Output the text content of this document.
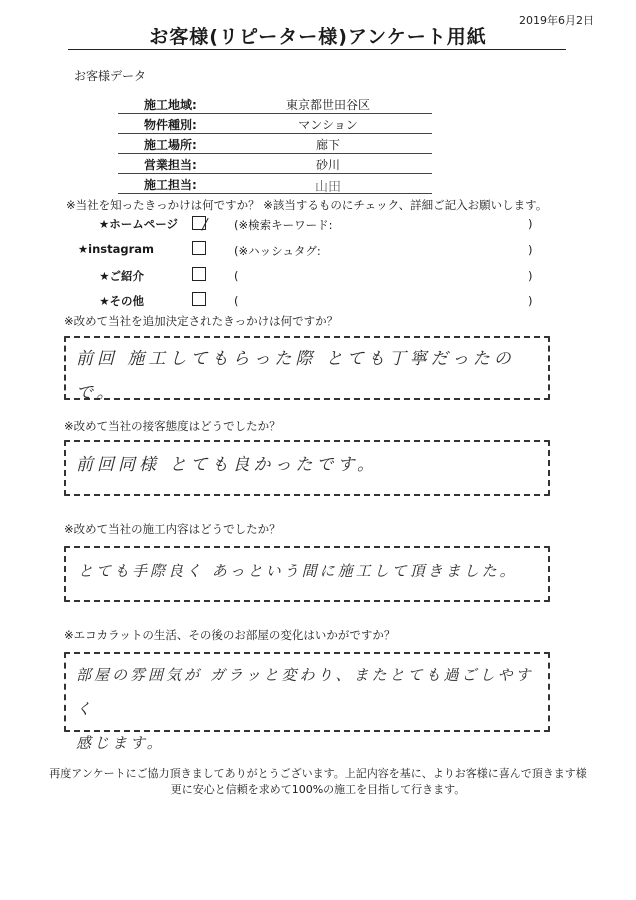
2019年6月2日
お客様(リピーター様)アンケート用紙
お客様データ
施工地域:	東京都世田谷区
物件種別:	マンション
施工場所:	廊下
営業担当:	砂川
施工担当:	山田
※当社を知ったきっかけは何ですか？ ※該当するものにチェック、詳細ご記入お願いします。
★ホームページ	(※検索キーワード:	)
★instagram	(※ハッシュタグ:	)
★ご紹介	(	)
★その他	(	)
※改めて当社を追加決定されたきっかけは何ですか？
前回 施工してもらった際 とても丁寧だったので。
※改めて当社の接客態度はどうでしたか？
前回同様 とても良かったです。
※改めて当社の施工内容はどうでしたか？
とても手際良く あっという間に施工して頂きました。
※エコカラットの生活、その後のお部屋の変化はいかがですか？
部屋の雰囲気が ガラッと変わり、またとても過ごしやすく
感じます。
再度アンケートにご協力頂きましてありがとうございます。上記内容を基に、よりお客様に喜んで頂きます様
更に安心と信頼を求めて100%の施工を目指して行きます。
